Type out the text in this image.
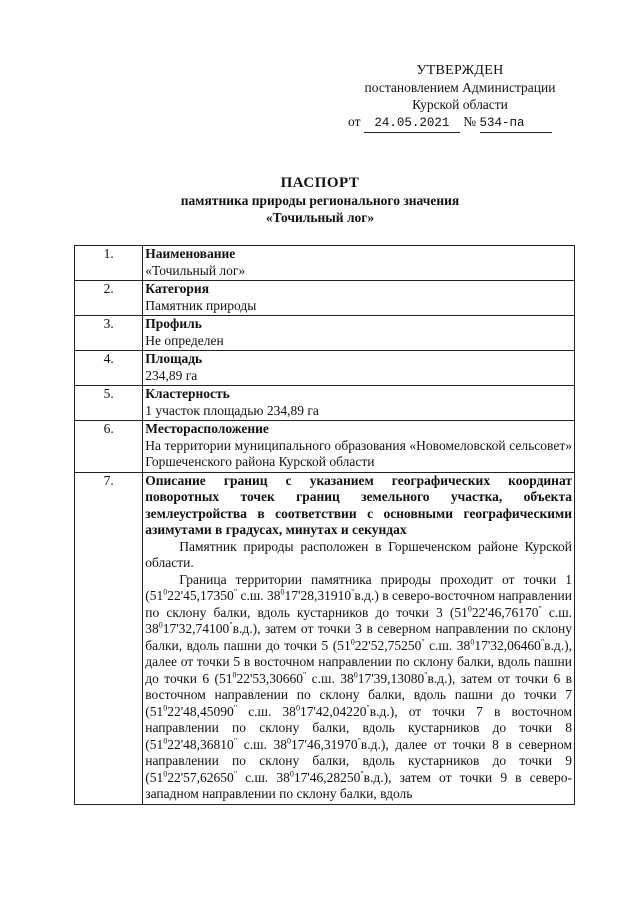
УТВЕРЖДЕН
постановлением Администрации
Курской области
от 24.05.2021 № 534-па
ПАСПОРТ
памятника природы регионального значения
«Точильный лог»
1.	Наименование
«Точильный лог»

2.	Категория
Памятник природы

3.	Профиль
Не определен

4.	Площадь
234,89 га

5.	Кластерность
1 участок площадью 234,89 га

6.	Месторасположение
На территории муниципального образования «Новомеловской сельсовет» Горшеченского района Курской области

7.	Описание границ с указанием географических координат поворотных точек границ земельного участка, объекта землеустройства в соответствии с основными географическими азимутами в градусах, минутах и секундах
Памятник природы расположен в Горшеченском районе Курской области.
Граница территории памятника природы проходит от точки 1 ($51^022'45,17350^"$ с.ш. $38^017'28,31910^"в.д$.) в северо-восточном направлении по склону балки, вдоль кустарников до точки 3 ($51^022'46,76170^"$ с.ш. $38^017'32,74100^"в.д$.), затем от точки 3 в северном направлении по склону балки, вдоль пашни до точки 5 ($51^022'52,75250^"$ с.ш. $38^017'32,06460^"в.д$.), далее от точки 5 в восточном направлении по склону балки, вдоль пашни до точки 6 ($51^022'53,30660^"$ с.ш. $38^017'39,13080^"в.д$.), затем от точки 6 в восточном направлении по склону балки, вдоль пашни до точки 7 ($51^022'48,45090^"$ с.ш. $38^017'42,04220^"в.д$.), от точки 7 в восточном направлении по склону балки, вдоль кустарников до точки 8 ($51^022'48,36810^"$ с.ш. $38^017'46,31970^"в.д$.), далее от точки 8 в северном направлении по склону балки, вдоль кустарников до точки 9 ($51^022'57,62650^"$ с.ш. $38^017'46,28250^"в.д$.), затем от точки 9 в северо-западном направлении по склону балки, вдоль
